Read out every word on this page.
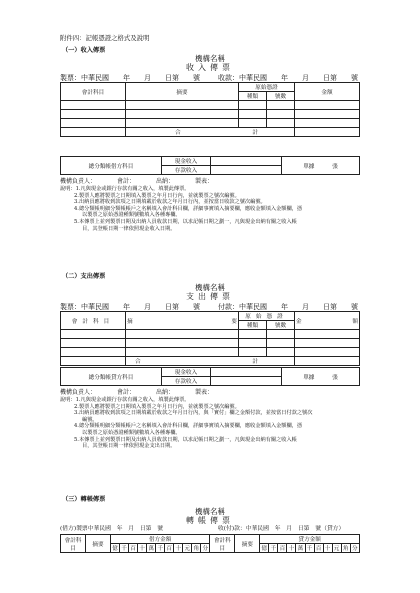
附件四：記帳憑證之格式及說明
（一）收入傳票
機構名稱
收入傳票
製票：中華民國　　年　　月　　日第　　號	收款：中華民國　　年　　月　　日第　　號
會計科目	摘要	原始憑證		金額
		種類	號數	

	合 計			
總分類帳借方科目	現金收入		單據 張
	存款收入		
機構負責人：　　　　會計：　　　　出納：　　　　製表：
說明：1.凡與現金或銀行存款有關之收入，填製此傳票。
2.製票人應將製票之日期填入製票之年月日行內，並就製票之號次編號。
3.出納員應將收到款項之日期填載於收款之年月日行內，並按當日收款之號次編號。
4.總分類帳明細分類帳帳戶之名稱填入會計科目欄，詳細事實填入摘要欄，應收金額填入金額欄，憑
以製票之原始憑證種類號數填入各種專欄。
5.本傳票上並列製票日期及出納人員收款日期，以求記帳日期之劃一，凡與現金出納有關之收入帳
目，其登帳日期一律依照現金收入日期。
（二）支出傳票
機構名稱
支出傳票
製票：中華民國　　年　　月　　日第　　號	付款：中華民國　　年　　月　　日第　　號
會計科目	摘 要	原始憑證		金 額

		種類	號數	

	合 計			
總分類帳貸方科目	現金收入		單據 張
	存款收入		
機構負責人：　　　　會計：　　　　出納：　　　　製表：
說明：1.凡與現金或銀行存款有關之收入，填製此傳票。
2.製票人應將製票之日期填入製票之年月日行內，並就製票之號次編號。
3.出納員應將收到款項之日期填載於收款之年月日行內，與「實付」欄之金額付款，並按當日付款之號次
編號。
4.總分類帳明細分類帳帳戶之名稱填入會計科目欄，詳細事實填入摘要欄，應收金額填入金額欄，憑
以製票之原始憑證種類號數填入各種專欄。
5.本傳票上並列製票日期及出納人員收款日期，以求記帳日期之劃一，凡與現金出納有關之收入帳
目，其登帳日期一律依照現金支出日期。
（三）轉帳傳票
機構名稱
轉帳傳票
(借方)製票中華民國　年　月　日第　號	收(付)款：中華民國　年　月　日第　號（貸方）
會計科目	摘要	借方金額											會計科目	摘要	貸方金額										
		億	千	百	十	萬	千	百	十	元	角	分			億	千	百	十	萬	千	百	十	元	角	分
